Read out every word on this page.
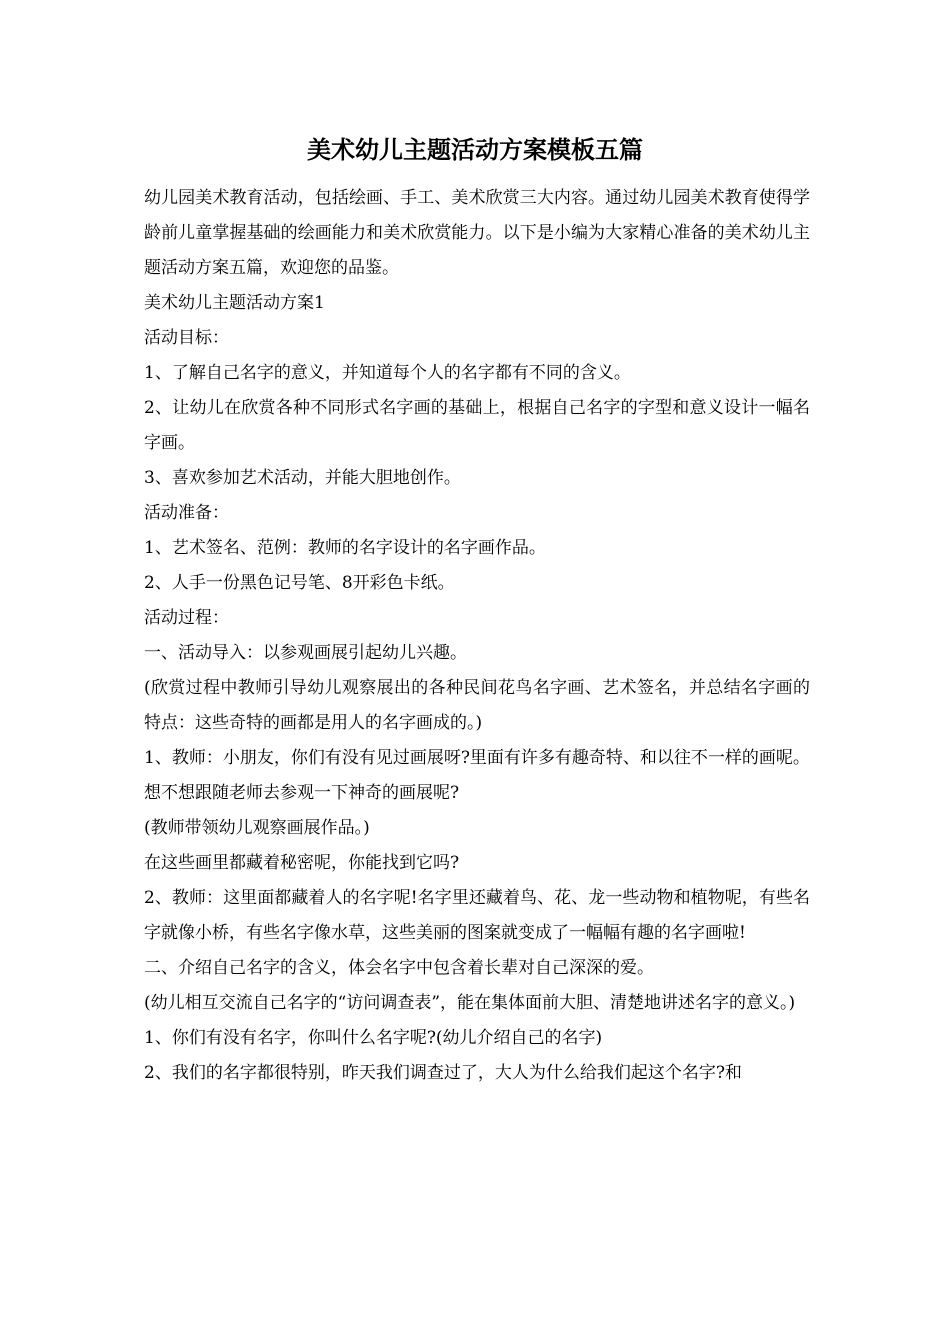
美术幼儿主题活动方案模板五篇

幼儿园美术教育活动，包括绘画、手工、美术欣赏三大内容。通过幼儿园美术教育使得学龄前儿童掌握基础的绘画能力和美术欣赏能力。以下是小编为大家精心准备的美术幼儿主题活动方案五篇，欢迎您的品鉴。

美术幼儿主题活动方案1

活动目标：

1、了解自己名字的意义，并知道每个人的名字都有不同的含义。

2、让幼儿在欣赏各种不同形式名字画的基础上，根据自己名字的字型和意义设计一幅名字画。

3、喜欢参加艺术活动，并能大胆地创作。

活动准备：

1、艺术签名、范例：教师的名字设计的名字画作品。

2、人手一份黑色记号笔、8开彩色卡纸。

活动过程：

一、活动导入：以参观画展引起幼儿兴趣。

(欣赏过程中教师引导幼儿观察展出的各种民间花鸟名字画、艺术签名，并总结名字画的特点：这些奇特的画都是用人的名字画成的。)

1、教师：小朋友，你们有没有见过画展呀?里面有许多有趣奇特、和以往不一样的画呢。

想不想跟随老师去参观一下神奇的画展呢?

(教师带领幼儿观察画展作品。)

在这些画里都藏着秘密呢，你能找到它吗?

2、教师：这里面都藏着人的名字呢!名字里还藏着鸟、花、龙一些动物和植物呢，有些名字就像小桥，有些名字像水草，这些美丽的图案就变成了一幅幅有趣的名字画啦!

二、介绍自己名字的含义，体会名字中包含着长辈对自己深深的爱。

(幼儿相互交流自己名字的“访问调查表”，能在集体面前大胆、清楚地讲述名字的意义。)

1、你们有没有名字，你叫什么名字呢?(幼儿介绍自己的名字)

2、我们的名字都很特别，昨天我们调查过了，大人为什么给我们起这个名字?和
